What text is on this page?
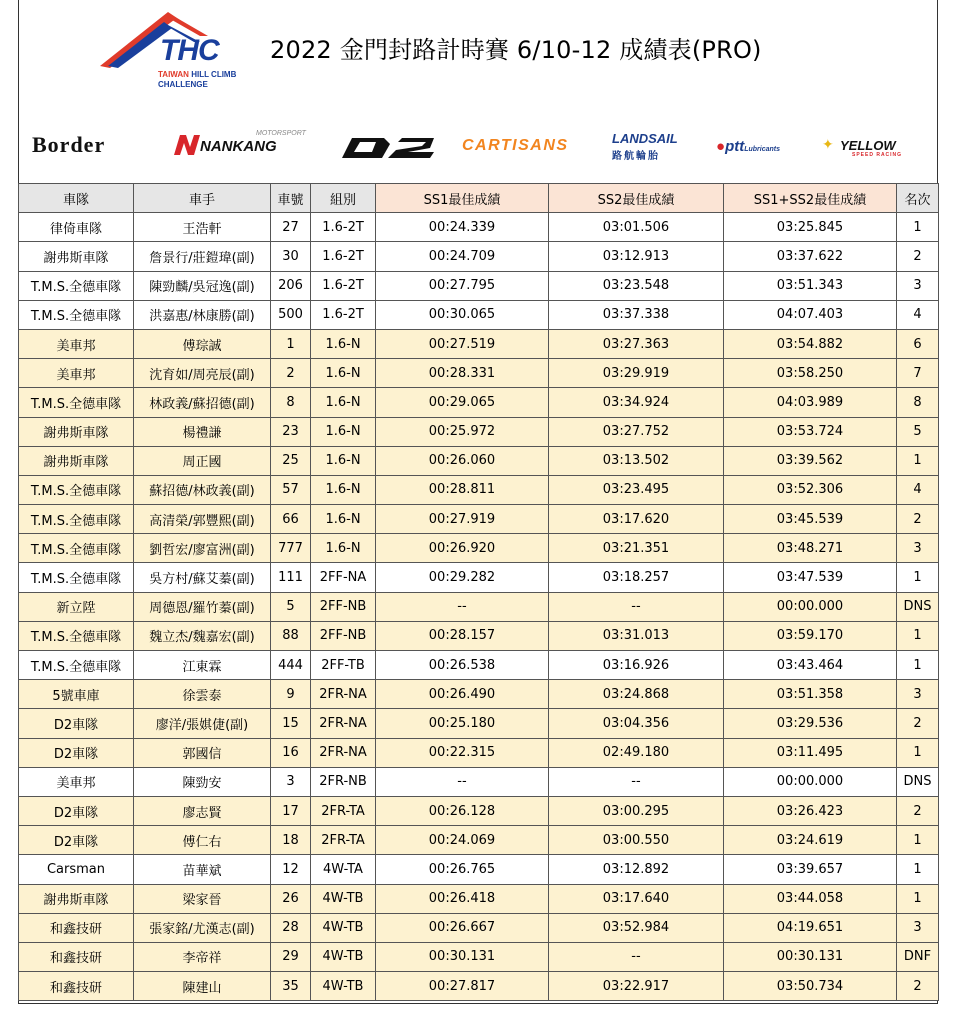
THC
TAIWAN HILL CLIMB
CHALLENGE
2022 金門封路計時賽 6/10-12 成績表(PRO)
Border	NANKANG
MOTORSPORT
CARTISANS	LANDSAIL
路航輪胎
●pttLubricants	✦ YELLOW
SPEED RACING
車隊	車手	車號	組別	SS1最佳成績	SS2最佳成績	SS1+SS2最佳成績	名次
律倚車隊	王浩軒	27	1.6-2T	00:24.339	03:01.506	03:25.845	1
謝弗斯車隊	詹景行/莊鎧瑋(副)	30	1.6-2T	00:24.709	03:12.913	03:37.622	2
T.M.S.全德車隊	陳勁麟/吳冠逸(副)	206	1.6-2T	00:27.795	03:23.548	03:51.343	3
T.M.S.全德車隊	洪嘉惠/林康勝(副)	500	1.6-2T	00:30.065	03:37.338	04:07.403	4
美車邦	傅琮誠	1	1.6-N	00:27.519	03:27.363	03:54.882	6
美車邦	沈育如/周亮辰(副)	2	1.6-N	00:28.331	03:29.919	03:58.250	7
T.M.S.全德車隊	林政義/蘇招德(副)	8	1.6-N	00:29.065	03:34.924	04:03.989	8
謝弗斯車隊	楊禮謙	23	1.6-N	00:25.972	03:27.752	03:53.724	5
謝弗斯車隊	周正國	25	1.6-N	00:26.060	03:13.502	03:39.562	1
T.M.S.全德車隊	蘇招德/林政義(副)	57	1.6-N	00:28.811	03:23.495	03:52.306	4
T.M.S.全德車隊	高清榮/郭豐熙(副)	66	1.6-N	00:27.919	03:17.620	03:45.539	2
T.M.S.全德車隊	劉哲宏/廖富洲(副)	777	1.6-N	00:26.920	03:21.351	03:48.271	3
T.M.S.全德車隊	吳方村/蘇艾蓁(副)	111	2FF-NA	00:29.282	03:18.257	03:47.539	1
新立陞	周德恩/羅竹蓁(副)	5	2FF-NB	--	--	00:00.000	DNS
T.M.S.全德車隊	魏立杰/魏嘉宏(副)	88	2FF-NB	00:28.157	03:31.013	03:59.170	1
T.M.S.全德車隊	江東霖	444	2FF-TB	00:26.538	03:16.926	03:43.464	1
5號車庫	徐雲泰	9	2FR-NA	00:26.490	03:24.868	03:51.358	3
D2車隊	廖洋/張娸倢(副)	15	2FR-NA	00:25.180	03:04.356	03:29.536	2
D2車隊	郭國信	16	2FR-NA	00:22.315	02:49.180	03:11.495	1
美車邦	陳勁安	3	2FR-NB	--	--	00:00.000	DNS
D2車隊	廖志賢	17	2FR-TA	00:26.128	03:00.295	03:26.423	2
D2車隊	傅仁右	18	2FR-TA	00:24.069	03:00.550	03:24.619	1
Carsman	苗華斌	12	4W-TA	00:26.765	03:12.892	03:39.657	1
謝弗斯車隊	梁家晉	26	4W-TB	00:26.418	03:17.640	03:44.058	1
和鑫技研	張家銘/尤漢志(副)	28	4W-TB	00:26.667	03:52.984	04:19.651	3
和鑫技研	李帝祥	29	4W-TB	00:30.131	--	00:30.131	DNF
和鑫技研	陳建山	35	4W-TB	00:27.817	03:22.917	03:50.734	2
